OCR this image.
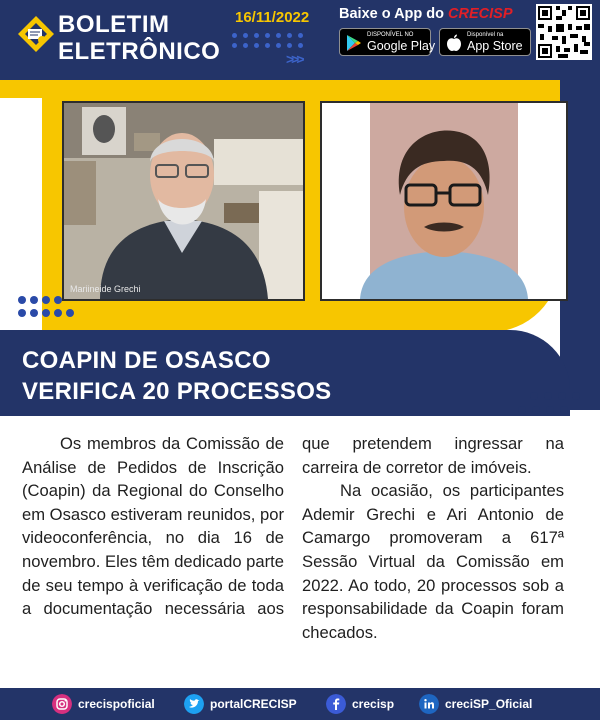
BOLETIM
ELETRÔNICO
16/11/2022
>>>
Baixe o App do CRECISP
DISPONÍVEL NO
Google Play
Disponível na
App Store
Mariineide Grechi
COAPIN DE OSASCO
VERIFICA 20 PROCESSOS

Os membros da Comissão de Análise de Pedidos de Inscrição (Coapin) da Regional do Conselho em Osasco estiveram reunidos, por videoconferência, no dia 16 de novembro. Eles têm dedicado parte de seu tempo à verificação de toda a documentação necessária aos que pretendem ingressar na carreira de corretor de imóveis.

Na ocasião, os participantes Ademir Grechi e Ari Antonio de Camargo promoveram a 617ª Sessão Virtual da Comissão em 2022. Ao todo, 20 processos sob a responsabilidade da Coapin foram checados.

crecispoficial	portalCRECISP	crecisp	creciSP_Oficial
